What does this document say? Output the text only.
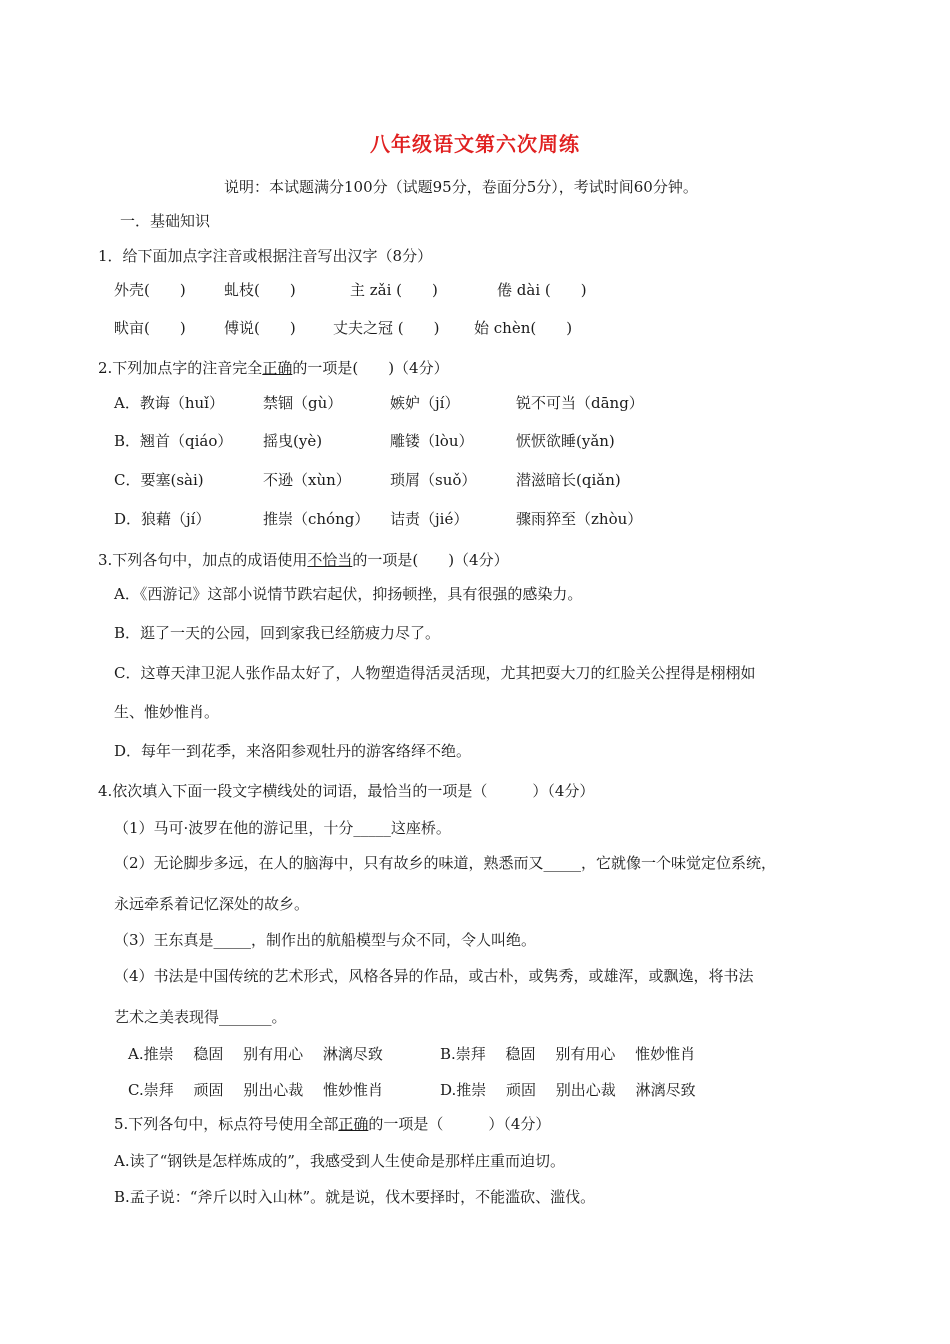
八年级语文第六次周练
说明：本试题满分100分（试题95分，卷面分5分），考试时间60分钟。
一．基础知识
1．给下面加点字注音或根据注音写出汉字（8分）
外壳(　　)	虬枝(　　)	主 zǎi (　　)	倦 dài (　　)
畎亩(　　)	傅说(　　) 丈夫之冠 (　　) 始 chèn(　　)
2.下列加点字的注音完全正确的一项是(　　)（4分）
A．教诲（huǐ）	禁锢（gù）	嫉妒（jí）	锐不可当（dāng）
B．翘首（qiáo） 摇曳(yè)	雕镂（lòu）	恹恹欲睡(yǎn)
C．要塞(sài)	不逊（xùn）	琐屑（suǒ）	潜滋暗长(qiǎn)
D．狼藉（jí）	推崇（chóng） 诘责（jié）	骤雨猝至（zhòu）
3.下列各句中，加点的成语使用不恰当的一项是(　　)（4分）
A．《西游记》这部小说情节跌宕起伏，抑扬顿挫，具有很强的感染力。
B．逛了一天的公园，回到家我已经筋疲力尽了。
C．这尊天津卫泥人张作品太好了，人物塑造得活灵活现，尤其把耍大刀的红脸关公捏得是栩栩如
生、惟妙惟肖。
D．每年一到花季，来洛阳参观牡丹的游客络绎不绝。
4.依次填入下面一段文字横线处的词语，最恰当的一项是（　　　）（4分）
（1）马可·波罗在他的游记里，十分_____这座桥。
（2）无论脚步多远，在人的脑海中，只有故乡的味道，熟悉而又_____，它就像一个味觉定位系统，
永远牵系着记忆深处的故乡。
（3）王东真是_____，制作出的航船模型与众不同，令人叫绝。
（4）书法是中国传统的艺术形式，风格各异的作品，或古朴，或隽秀，或雄浑，或飘逸，将书法
艺术之美表现得_______。
A.推崇　 稳固　 别有用心　 淋漓尽致	B.崇拜　 稳固　 别有用心　 惟妙惟肖
C.崇拜　 顽固　 别出心裁　 惟妙惟肖	D.推崇　 顽固　 别出心裁　 淋漓尽致
5.下列各句中，标点符号使用全部正确的一项是（　　　）（4分）
A.读了“钢铁是怎样炼成的”，我感受到人生使命是那样庄重而迫切。
B.孟子说：“斧斤以时入山林”。就是说，伐木要择时，不能滥砍、滥伐。
